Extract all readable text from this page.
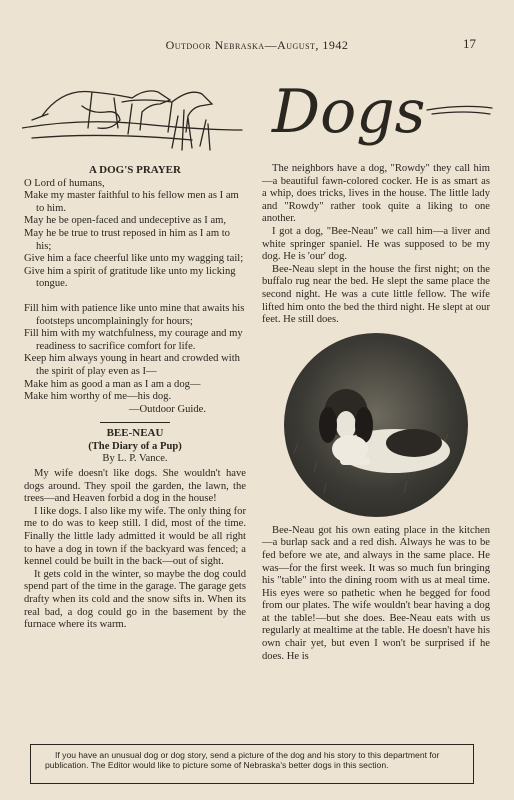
Outdoor Nebraska—August, 1942	17
Dogs
A DOG'S PRAYER

O Lord of humans,

Make my master faithful to his fellow men as I am to him.

May he be open-faced and undeceptive as I am,

May he be true to trust reposed in him as I am to his;

Give him a face cheerful like unto my wagging tail;

Give him a spirit of gratitude like unto my licking tongue.

Fill him with patience like unto mine that awaits his footsteps uncomplainingly for hours;

Fill him with my watchfulness, my courage and my readiness to sacrifice comfort for life.

Keep him always young in heart and crowded with the spirit of play even as I—

Make him as good a man as I am a dog—

Make him worthy of me—his dog.

—Outdoor Guide.
BEE-NEAU
(The Diary of a Pup)
By L. P. Vance.

My wife doesn't like dogs. She wouldn't have dogs around. They spoil the garden, the lawn, the trees—and Heaven forbid a dog in the house!

I like dogs. I also like my wife. The only thing for me to do was to keep still. I did, most of the time. Finally the little lady admitted it would be all right to have a dog in town if the backyard was fenced; a kennel could be built in the back—out of sight.

It gets cold in the winter, so maybe the dog could spend part of the time in the garage. The garage gets drafty when its cold and the snow sifts in. When its real bad, a dog could go in the basement by the furnace where its warm.

The neighbors have a dog, "Rowdy" they call him—a beautiful fawn-colored cocker. He is as smart as a whip, does tricks, lives in the house. The little lady and "Rowdy" rather took quite a liking to one another.

I got a dog, "Bee-Neau" we call him—a liver and white springer spaniel. He was supposed to be my dog. He is 'our' dog.

Bee-Neau slept in the house the first night; on the buffalo rug near the bed. He slept the same place the second night. He was a cute little fellow. The wife lifted him onto the bed the third night. He slept at our feet. He still does.

Bee-Neau got his own eating place in the kitchen—a burlap sack and a red dish. Always he was to be fed before we ate, and always in the same place. He was—for the first week. It was so much fun bringing his "table" into the dining room with us at meal time. His eyes were so pathetic when he begged for food from our plates. The wife wouldn't bear having a dog at the table!—but she does. Bee-Neau eats with us regularly at mealtime at the table. He doesn't have his own chair yet, but even I won't be surprised if he does. He is

If you have an unusual dog or dog story, send a picture of the dog and his story to this department for publication. The Editor would like to picture some of Nebraska's better dogs in this section.
